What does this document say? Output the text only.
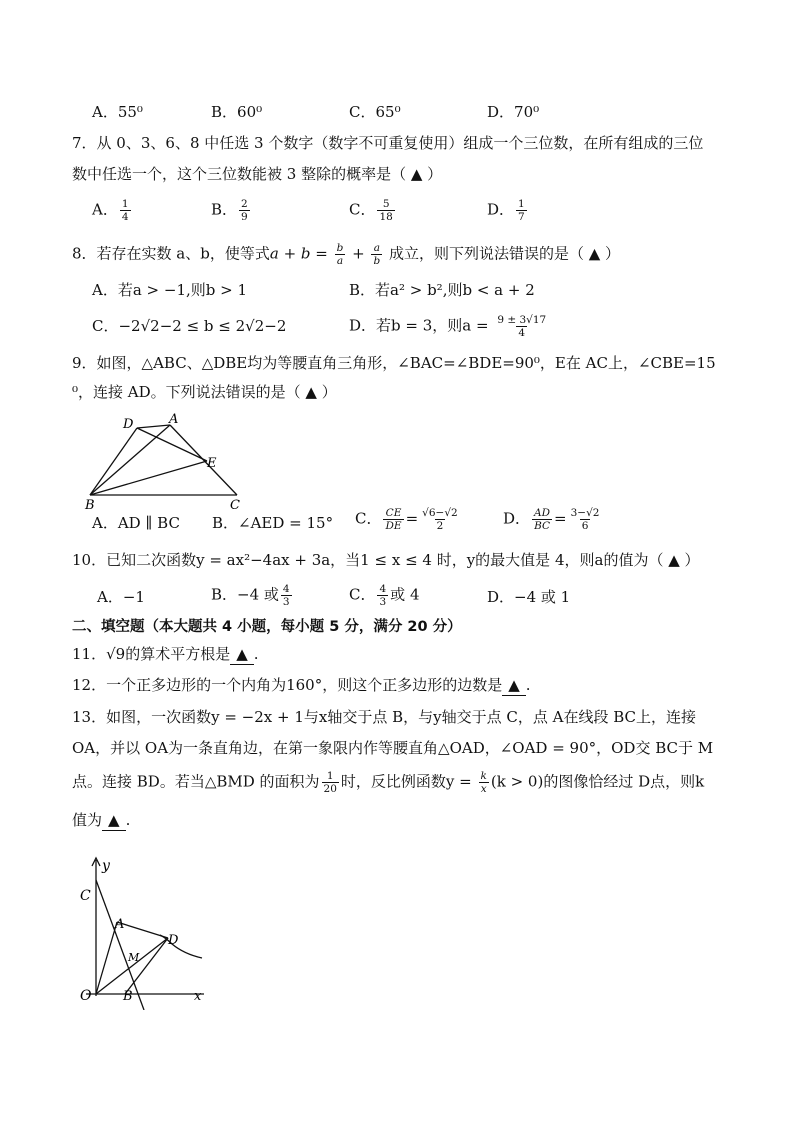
A．55⁰	B．60⁰	C．65⁰	D．70⁰
7．从 0、3、6、8 中任选 3 个数字（数字不可重复使用）组成一个三位数，在所有组成的三位
数中任选一个，这个三位数能被 3 整除的概率是（ ▲ ）
A． $\frac{1}{4}$	B． $\frac{2}{9}$	C． $\frac{5}{18}$	D． $\frac{1}{7}$
8．若存在实数 a、b，使等式$a + b = \frac{b}{a} + \frac{a}{b}$ 成立，则下列说法错误的是（ ▲ ）
A．若a > −1,则b > 1	B．若a² > b²,则b < a + 2
C．−2√2−2 ≤ b ≤ 2√2−2	D．若b = 3，则$a = \frac{9 \pm 3√17}{4}$
9．如图，△ABC、△DBE均为等腰直角三角形，∠BAC=∠BDE=90⁰，E在 AC上，∠CBE=15
⁰，连接 AD。下列说法错误的是（ ▲ ）
D	A
E
B	C
A．AD ∥ BC B．∠AED = 15° C． $\frac{CE}{DE} = \frac{√6-√2}{2}$	D． $\frac{AD}{BC} = \frac{3-√2}{6}$
10．已知二次函数y = ax²−4ax + 3a，当1 ≤ x ≤ 4 时，y的最大值是 4，则a的值为（ ▲ ）
A．−1	B．−4 或 $\frac{4}{3}$	C． $\frac{4}{3}$ 或 4	D．−4 或 1
二、填空题（本大题共 4 小题，每小题 5 分，满分 20 分）
11．√9的算术平方根是 ▲ .
12．一个正多边形的一个内角为160°，则这个正多边形的边数是 ▲ .
13．如图，一次函数y = −2x + 1与x轴交于点 B，与y轴交于点 C，点 A在线段 BC上，连接
OA，并以 OA为一条直角边，在第一象限内作等腰直角△OAD，∠OAD = 90°，OD交 BC于 M
点。连接 BD。若当△BMD 的面积为 $\frac{1}{20}$ 时，反比例函数$y = \frac{k}{x} (k > 0)$的图像恰经过 D点，则k
值为 ▲ .
y
C
A
D
M
O B	x
